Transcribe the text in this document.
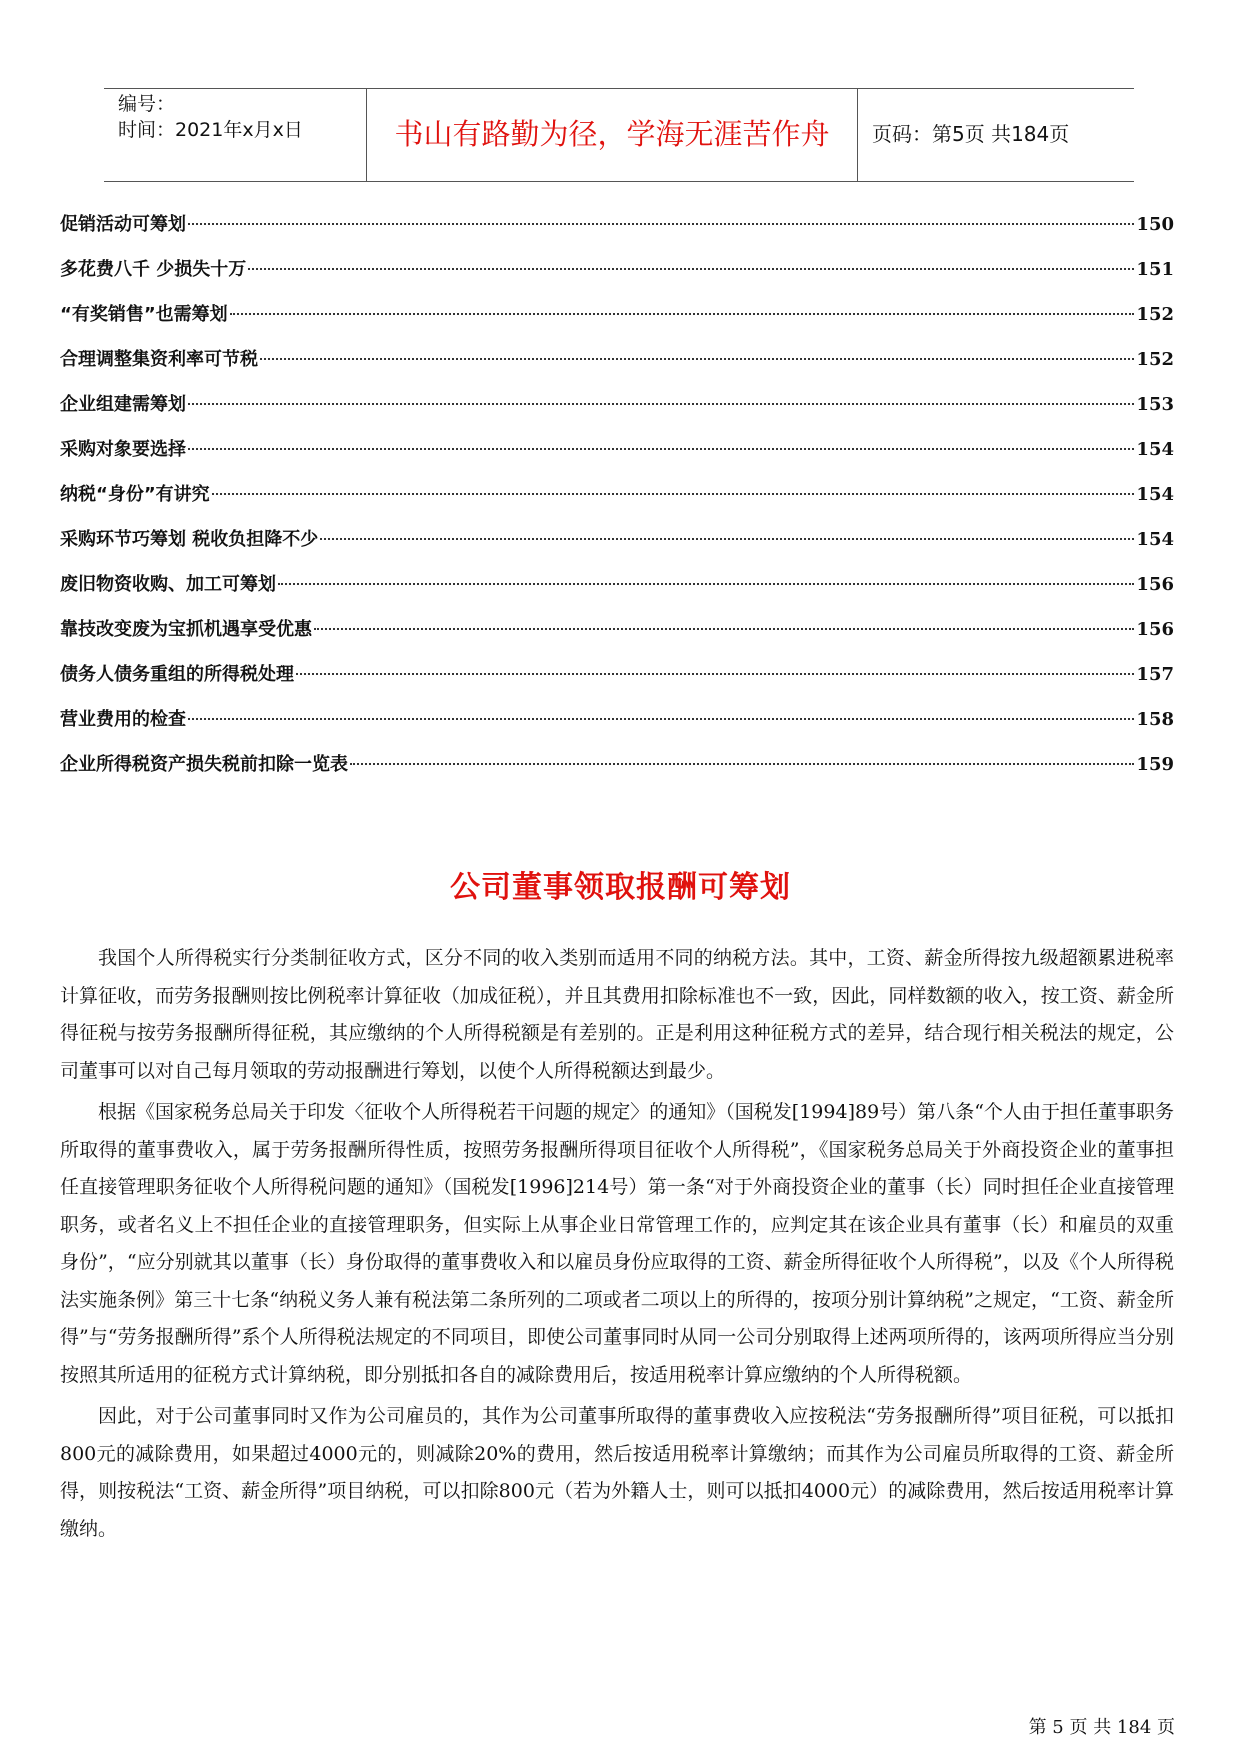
编号：
时间：2021年x月x日	书山有路勤为径，学海无涯苦作舟	页码：第5页 共184页
促销活动可筹划	150
多花费八千 少损失十万	151
“有奖销售”也需筹划	152
合理调整集资利率可节税	152
企业组建需筹划	153
采购对象要选择	154
纳税“身份”有讲究	154
采购环节巧筹划 税收负担降不少	154
废旧物资收购、加工可筹划	156
靠技改变废为宝抓机遇享受优惠	156
债务人债务重组的所得税处理	157
营业费用的检查	158
企业所得税资产损失税前扣除一览表	159
公司董事领取报酬可筹划

我国个人所得税实行分类制征收方式，区分不同的收入类别而适用不同的纳税方法。其中，工资、薪金所得按九级超额累进税率计算征收，而劳务报酬则按比例税率计算征收（加成征税），并且其费用扣除标准也不一致，因此，同样数额的收入，按工资、薪金所得征税与按劳务报酬所得征税，其应缴纳的个人所得税额是有差别的。正是利用这种征税方式的差异，结合现行相关税法的规定，公司董事可以对自己每月领取的劳动报酬进行筹划，以使个人所得税额达到最少。

根据《国家税务总局关于印发〈征收个人所得税若干问题的规定〉的通知》（国税发[1994]89号）第八条“个人由于担任董事职务所取得的董事费收入，属于劳务报酬所得性质，按照劳务报酬所得项目征收个人所得税”，《国家税务总局关于外商投资企业的董事担任直接管理职务征收个人所得税问题的通知》（国税发[1996]214号）第一条“对于外商投资企业的董事（长）同时担任企业直接管理职务，或者名义上不担任企业的直接管理职务，但实际上从事企业日常管理工作的，应判定其在该企业具有董事（长）和雇员的双重身份”，“应分别就其以董事（长）身份取得的董事费收入和以雇员身份应取得的工资、薪金所得征收个人所得税”，以及《个人所得税法实施条例》第三十七条“纳税义务人兼有税法第二条所列的二项或者二项以上的所得的，按项分别计算纳税”之规定，“工资、薪金所得”与“劳务报酬所得”系个人所得税法规定的不同项目，即使公司董事同时从同一公司分别取得上述两项所得的，该两项所得应当分别按照其所适用的征税方式计算纳税，即分别抵扣各自的减除费用后，按适用税率计算应缴纳的个人所得税额。

因此，对于公司董事同时又作为公司雇员的，其作为公司董事所取得的董事费收入应按税法“劳务报酬所得”项目征税，可以抵扣800元的减除费用，如果超过4000元的，则减除20%的费用，然后按适用税率计算缴纳；而其作为公司雇员所取得的工资、薪金所得，则按税法“工资、薪金所得”项目纳税，可以扣除800元（若为外籍人士，则可以抵扣4000元）的减除费用，然后按适用税率计算缴纳。

第 5 页 共 184 页
